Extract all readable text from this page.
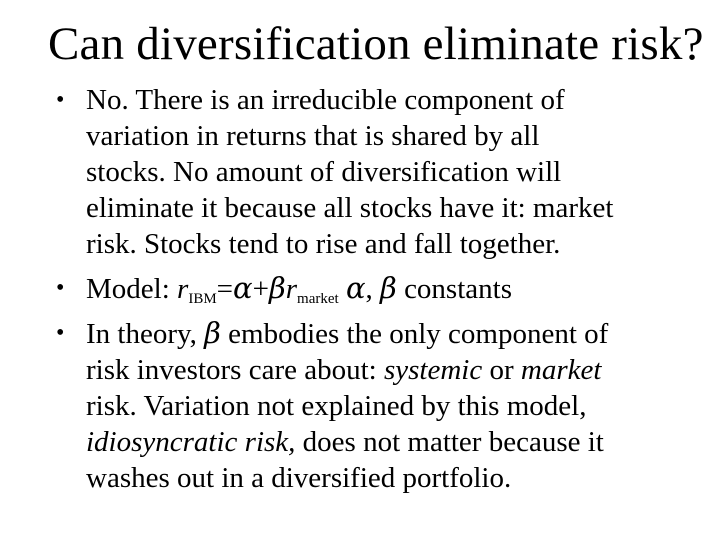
Can diversification eliminate risk?
• No. There is an irreducible component of
variation in returns that is shared by all
stocks. No amount of diversification will
eliminate it because all stocks have it: market
risk. Stocks tend to rise and fall together.
• Model: $r_{IBM}=\alpha+\beta r_{market}$ α, β constants
• In theory, β embodies the only component of
risk investors care about: systemic or market
risk. Variation not explained by this model,
idiosyncratic risk, does not matter because it
washes out in a diversified portfolio.
